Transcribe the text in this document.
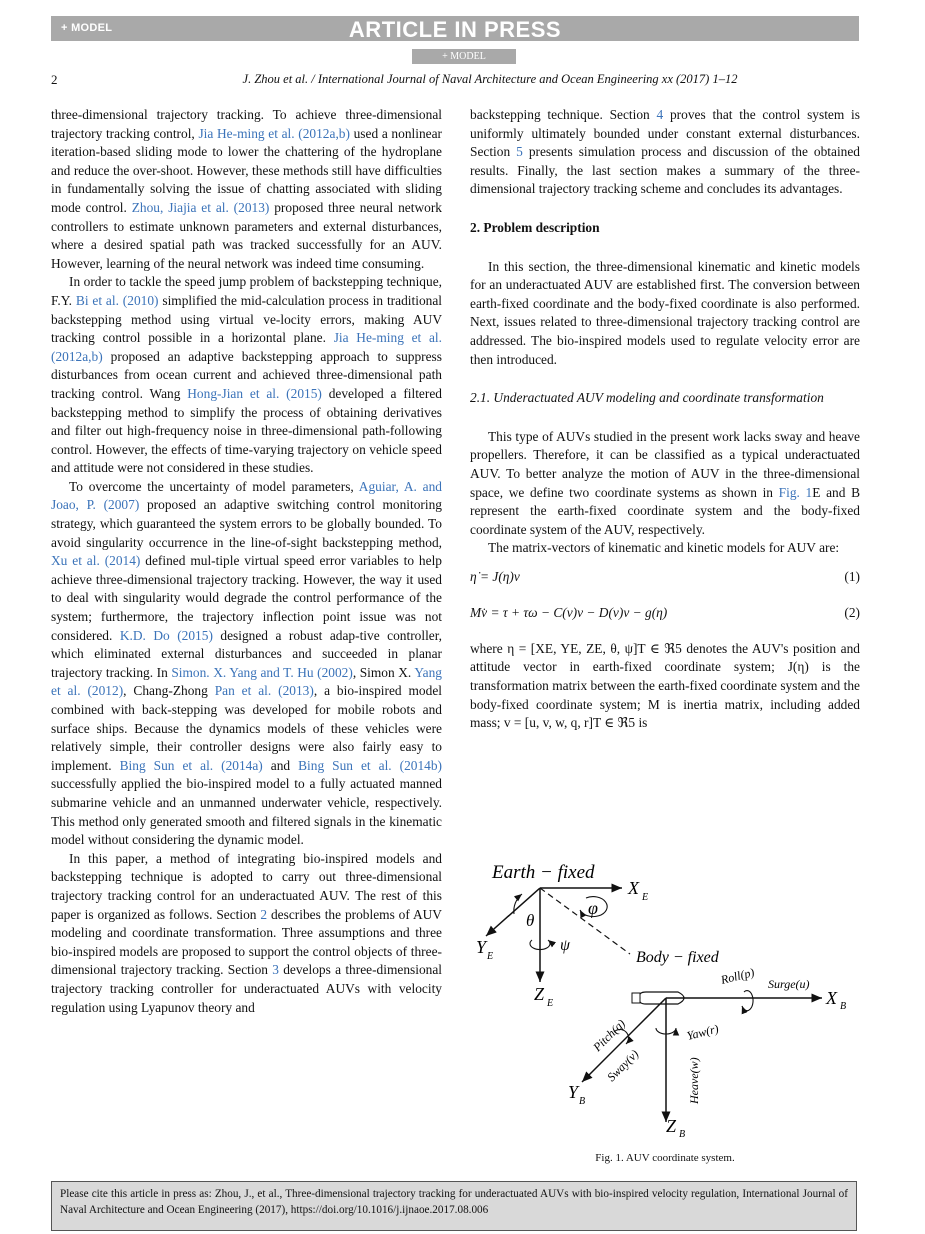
+ MODEL	ARTICLE IN PRESS
+ MODEL
2	J. Zhou et al. / International Journal of Naval Architecture and Ocean Engineering xx (2017) 1–12

three-dimensional trajectory tracking. To achieve three-dimensional trajectory tracking control, Jia He-ming et al. (2012a,b) used a nonlinear iteration-based sliding mode to lower the chattering of the hydroplane and reduce the over-shoot. However, these methods still have difficulties in fundamentally solving the issue of chatting associated with sliding mode control. Zhou, Jiajia et al. (2013) proposed three neural network controllers to estimate unknown parameters and external disturbances, where a desired spatial path was tracked successfully for an AUV. However, learning of the neural network was indeed time consuming.

In order to tackle the speed jump problem of backstepping technique, F.Y. Bi et al. (2010) simplified the mid-calculation process in traditional backstepping method using virtual ve-locity errors, making AUV tracking control possible in a horizontal plane. Jia He-ming et al. (2012a,b) proposed an adaptive backstepping approach to suppress disturbances from ocean current and achieved three-dimensional path tracking control. Wang Hong-Jian et al. (2015) developed a filtered backstepping method to simplify the process of obtaining derivatives and filter out high-frequency noise in three-dimensional path-following control. However, the effects of time-varying trajectory on vehicle speed and attitude were not considered in these studies.

To overcome the uncertainty of model parameters, Aguiar, A. and Joao, P. (2007) proposed an adaptive switching control monitoring strategy, which guaranteed the system errors to be globally bounded. To avoid singularity occurrence in the line-of-sight backstepping method, Xu et al. (2014) defined mul-tiple virtual speed error variables to help achieve three-dimensional trajectory tracking. However, the way it used to deal with singularity would degrade the control performance of the system; furthermore, the trajectory inflection point issue was not considered. K.D. Do (2015) designed a robust adap-tive controller, which eliminated external disturbances and succeeded in planar trajectory tracking. In Simon. X. Yang and T. Hu (2002), Simon X. Yang et al. (2012), Chang-Zhong Pan et al. (2013), a bio-inspired model combined with back-stepping was developed for mobile robots and surface ships. Because the dynamics models of these vehicles were relatively simple, their controller designs were also fairly easy to implement. Bing Sun et al. (2014a) and Bing Sun et al. (2014b) successfully applied the bio-inspired model to a fully actuated manned submarine vehicle and an unmanned underwater vehicle, respectively. This method only generated smooth and filtered signals in the kinematic model without considering the dynamic model.

In this paper, a method of integrating bio-inspired models and backstepping technique is adopted to carry out three-dimensional trajectory tracking control for an underactuated AUV. The rest of this paper is organized as follows. Section 2 describes the problems of AUV modeling and coordinate transformation. Three assumptions and three bio-inspired models are proposed to support the control objects of three-dimensional trajectory tracking. Section 3 develops a three-dimensional trajectory tracking controller for underactuated AUVs with velocity regulation using Lyapunov theory and

backstepping technique. Section 4 proves that the control system is uniformly ultimately bounded under constant external disturbances. Section 5 presents simulation process and discussion of the obtained results. Finally, the last section makes a summary of the three-dimensional trajectory tracking scheme and concludes its advantages.

2. Problem description

In this section, the three-dimensional kinematic and kinetic models for an underactuated AUV are established first. The conversion between earth-fixed coordinate and the body-fixed coordinate is also performed. Next, issues related to three-dimensional trajectory tracking control are addressed. The bio-inspired models used to regulate velocity error are then introduced.

2.1. Underactuated AUV modeling and coordinate transformation

This type of AUVs studied in the present work lacks sway and heave propellers. Therefore, it can be classified as a typical underactuated AUV. To better analyze the motion of AUV in the three-dimensional space, we define two coordinate systems as shown in Fig. 1E and B represent the earth-fixed coordinate system and the body-fixed coordinate system of the AUV, respectively.

The matrix-vectors of kinematic and kinetic models for AUV are:

η̇ = J(η)v	(1)
Mv̇ = τ + τω − C(v)v − D(v)v − g(η)	(2)

where η = [XE, YE, ZE, θ, ψ]T ∈ ℜ5 denotes the AUV's position and attitude vector in earth-fixed coordinate system; J(η) is the transformation matrix between the earth-fixed coordinate system and the body-fixed coordinate system; M is inertia matrix, including added mass; v = [u, v, w, q, r]T ∈ ℜ5 is

Earth − fixed
X E
Y E
Z E
θ
φ
ψ
Body − fixed
X B
Y B
Z B
Roll(p) Surge(u)
Yaw(r)
Pitch(q)
Sway(v)	Heave(w)
Fig. 1. AUV coordinate system.
Please cite this article in press as: Zhou, J., et al., Three-dimensional trajectory tracking for underactuated AUVs with bio-inspired velocity regulation, International Journal of Naval Architecture and Ocean Engineering (2017), https://doi.org/10.1016/j.ijnaoe.2017.08.006
